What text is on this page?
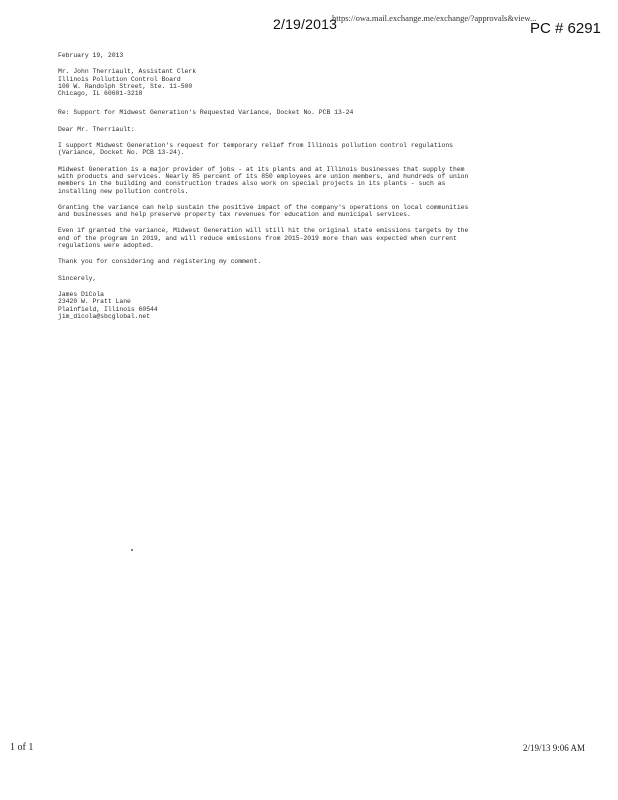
2/19/2013
https://owa.mail.exchange.me/exchange/?approvals&view...
PC # 6291
February 19, 2013
Mr. John Therriault, Assistant Clerk
Illinois Pollution Control Board
100 W. Randolph Street, Ste. 11-500
Chicago, IL 60601-3218
Re: Support for Midwest Generation's Requested Variance, Docket No. PCB 13-24
Dear Mr. Therriault:
I support Midwest Generation's request for temporary relief from Illinois pollution control regulations
(Variance, Docket No. PCB 13-24).
Midwest Generation is a major provider of jobs - at its plants and at Illinois businesses that supply them
with products and services. Nearly 85 percent of its 850 employees are union members, and hundreds of union
members in the building and construction trades also work on special projects in its plants - such as
installing new pollution controls.
Granting the variance can help sustain the positive impact of the company's operations on local communities
and businesses and help preserve property tax revenues for education and municipal services.
Even if granted the variance, Midwest Generation will still hit the original state emissions targets by the
end of the program in 2019, and will reduce emissions from 2015-2019 more than was expected when current
regulations were adopted.
Thank you for considering and registering my comment.
Sincerely,
James DiCola
23420 W. Pratt Lane
Plainfield, Illinois 60544
jim_dicola@sbcglobal.net
1 of 1	2/19/13 9:06 AM
